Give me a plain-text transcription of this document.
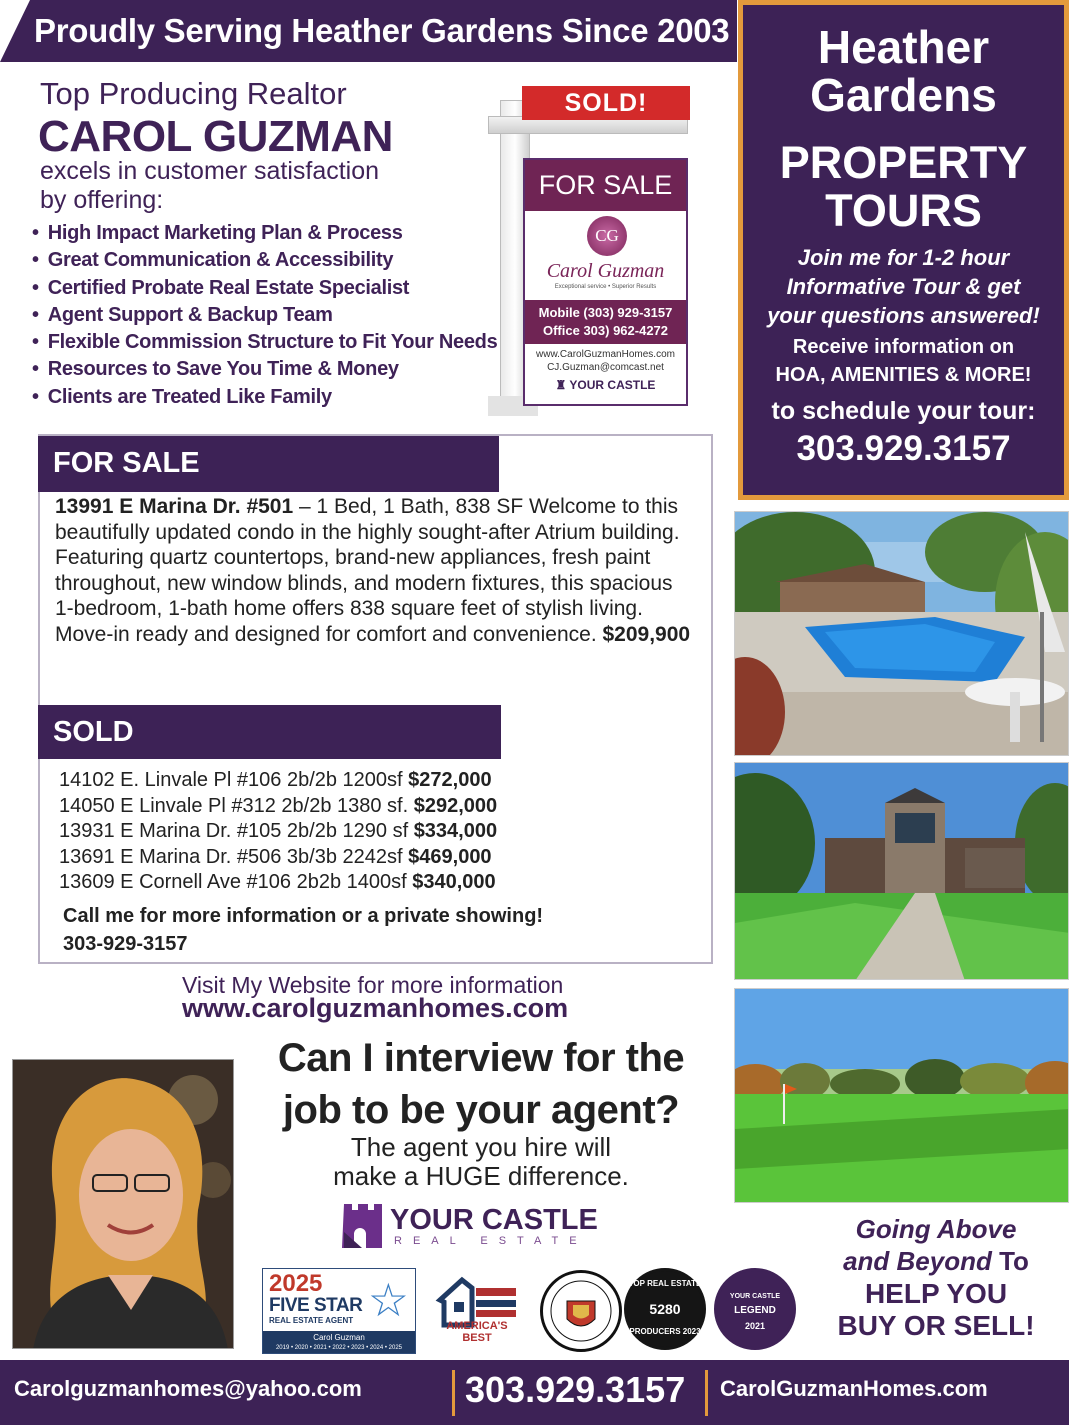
Proudly Serving Heather Gardens Since 2003
Top Producing Realtor
CAROL GUZMAN
excels in customer satisfaction
by offering:
• High Impact Marketing Plan & Process
• Great Communication & Accessibility
• Certified Probate Real Estate Specialist
• Agent Support & Backup Team
• Flexible Commission Structure to Fit Your Needs
• Resources to Save You Time & Money
• Clients are Treated Like Family
SOLD!
FOR SALE
CG
Carol Guzman
Exceptional service • Superior Results
Mobile (303) 929-3157
Office 303) 962-4272
www.CarolGuzmanHomes.com
CJ.Guzman@comcast.net
♜ YOUR CASTLE
Heather
Gardens
PROPERTY
TOURS
Join me for 1-2 hour
Informative Tour & get
your questions answered!
Receive information on
HOA, AMENITIES & MORE!
to schedule your tour:
303.929.3157
FOR SALE
13991 E Marina Dr. #501 – 1 Bed, 1 Bath, 838 SF Welcome to this beautifully updated condo in the highly sought-after Atrium building. Featuring quartz countertops, brand-new appliances, fresh paint throughout, new window blinds, and modern fixtures, this spacious 1-bedroom, 1-bath home offers 838 square feet of stylish living. Move-in ready and designed for comfort and convenience. $209,900
SOLD
14102 E. Linvale Pl #106 2b/2b 1200sf $272,000
14050 E Linvale Pl #312 2b/2b 1380 sf. $292,000
13931 E Marina Dr. #105 2b/2b 1290 sf $334,000
13691 E Marina Dr. #506 3b/3b 2242sf $469,000
13609 E Cornell Ave #106 2b2b 1400sf $340,000
Call me for more information or a private showing!
303-929-3157
Visit My Website for more information
www.carolguzmanhomes.com
Can I interview for the
job to be your agent?
The agent you hire will
make a HUGE difference.
YOUR CASTLE
REAL ESTATE
2025
FIVE STAR
REAL ESTATE AGENT ☆
Carol Guzman
2019 • 2020 • 2021 • 2022 • 2023 • 2024 • 2025
AMERICA'S BEST
TOP REAL ESTATE
5280
PRODUCERS 2023
YOUR CASTLE
LEGEND
2021
Going Above
and Beyond To
HELP YOU
BUY OR SELL!
Carolguzmanhomes@yahoo.com	303.929.3157 CarolGuzmanHomes.com
